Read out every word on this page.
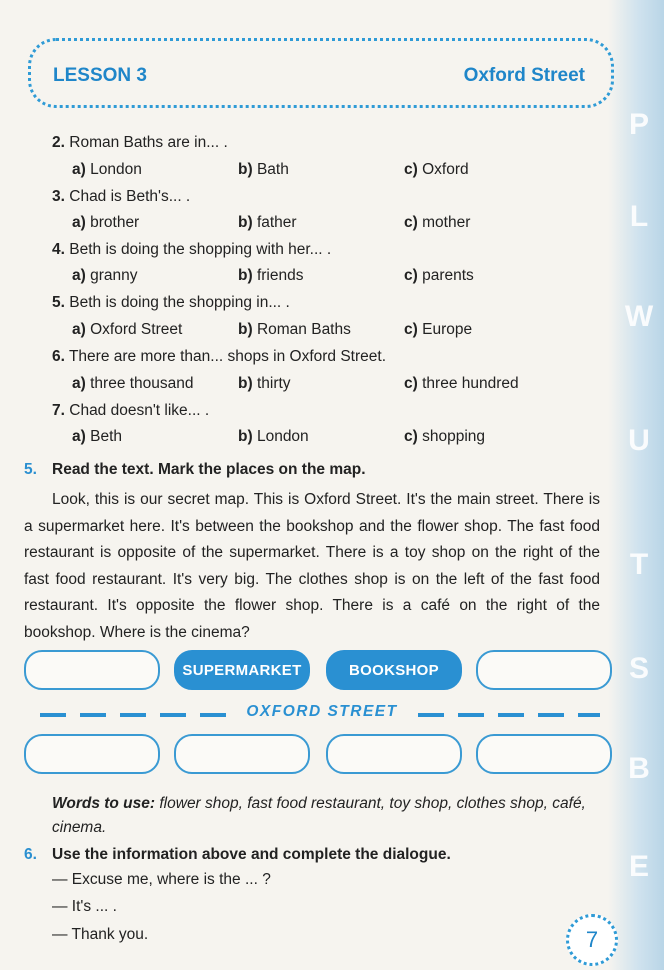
P
L
W
U
T
S
B
E
LESSON 3	Oxford Street
2. Roman Baths are in... .
a) London	b) Bath	c) Oxford
3. Chad is Beth's... .
a) brother	b) father	c) mother
4. Beth is doing the shopping with her... .
a) granny	b) friends	c) parents
5. Beth is doing the shopping in... .
a) Oxford Street	b) Roman Baths	c) Europe
6. There are more than... shops in Oxford Street.
a) three thousand	b) thirty	c) three hundred
7. Chad doesn't like... .
a) Beth	b) London	c) shopping
5. Read the text. Mark the places on the map.
Look, this is our secret map. This is Oxford Street. It's the main street. There is a supermarket here. It's between the bookshop and the flower shop. The fast food restaurant is opposite of the supermarket. There is a toy shop on the right of the fast food restaurant. It's very big. The clothes shop is on the left of the fast food restaurant. It's opposite the flower shop. There is a café on the right of the bookshop. Where is the cinema?
SUPERMARKET	BOOKSHOP
OXFORD STREET
Words to use: flower shop, fast food restaurant, toy shop, clothes shop, café, cinema.
6. Use the information above and complete the dialogue.
— Excuse me, where is the ... ?
— It's ... .
— Thank you.	7
